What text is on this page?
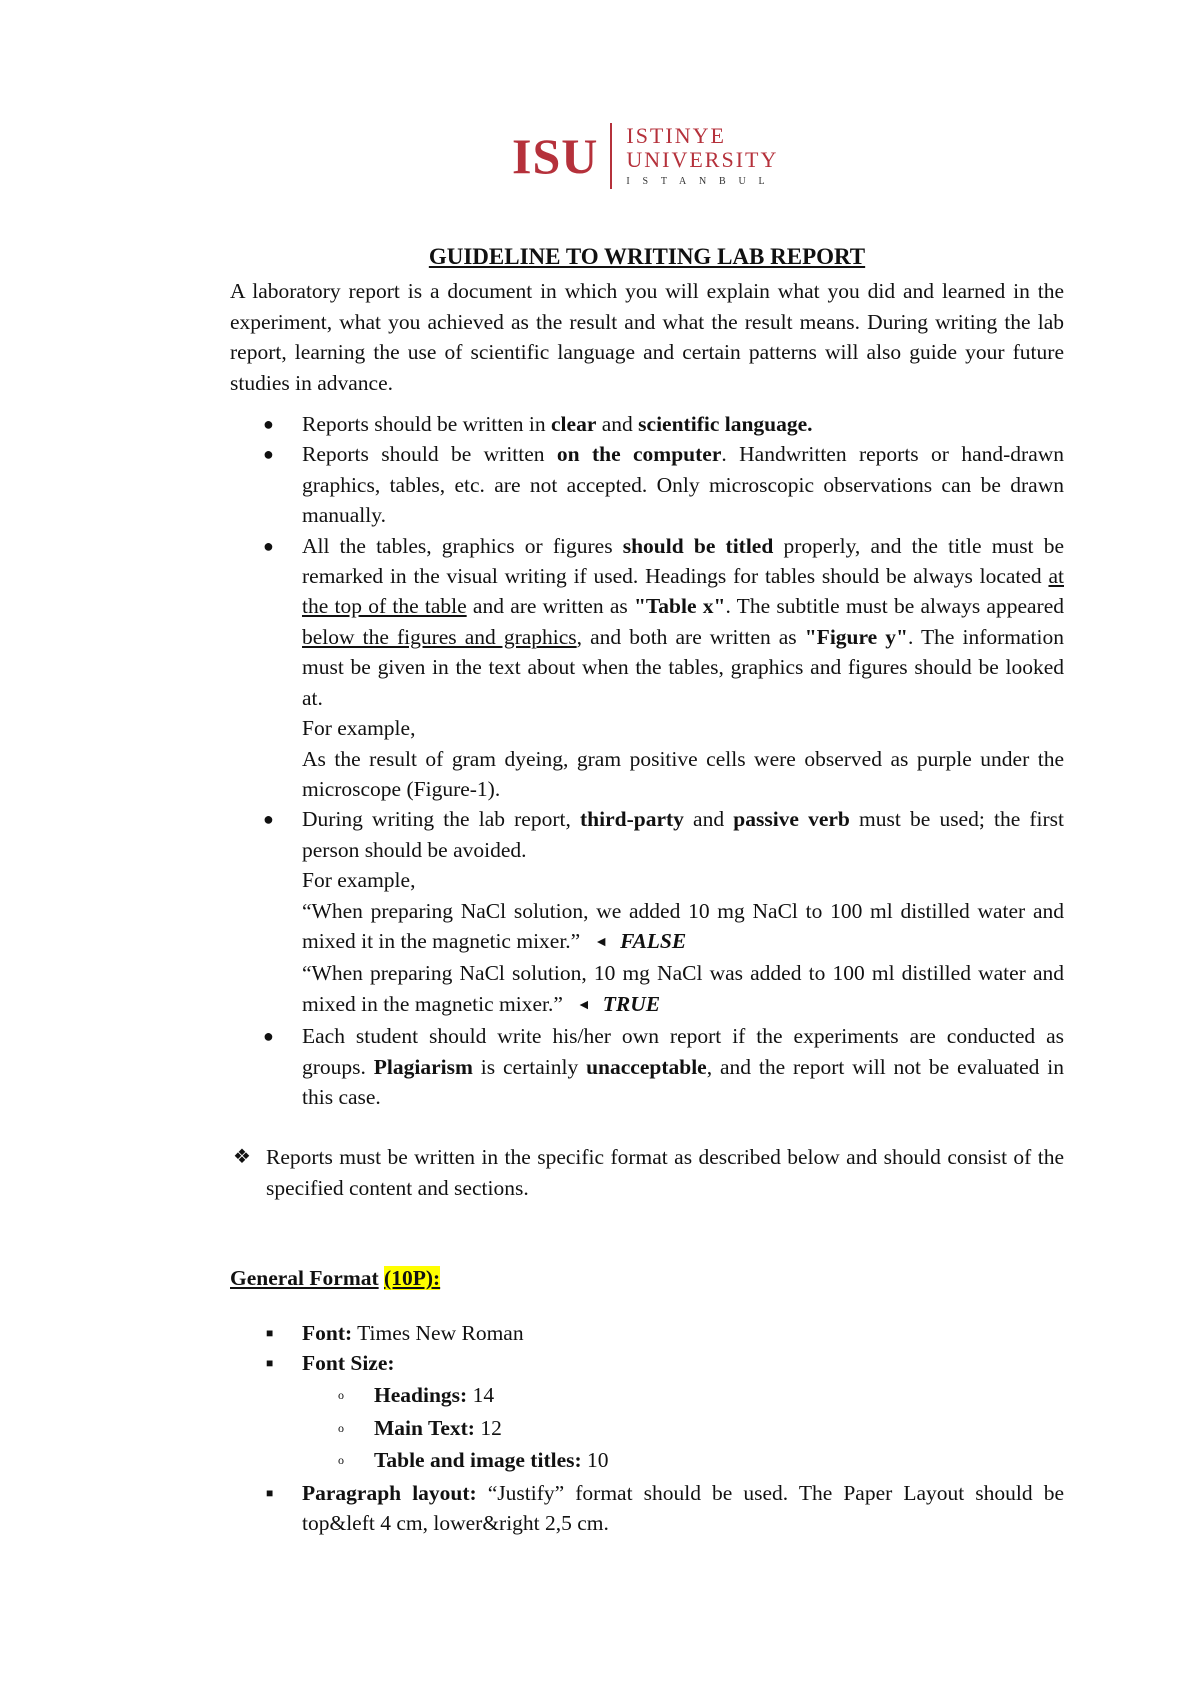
ISU ISTINYE
UNIVERSITY
ISTANBUL
GUIDELINE TO WRITING LAB REPORT

A laboratory report is a document in which you will explain what you did and learned in the experiment, what you achieved as the result and what the result means. During writing the lab report, learning the use of scientific language and certain patterns will also guide your future studies in advance.

● Reports should be written in clear and scientific language.
● Reports should be written on the computer. Handwritten reports or hand-drawn graphics, tables, etc. are not accepted. Only microscopic observations can be drawn manually.
● All the tables, graphics or figures should be titled properly, and the title must be remarked in the visual writing if used. Headings for tables should be always located at the top of the table and are written as "Table x". The subtitle must be always appeared below the figures and graphics, and both are written as "Figure y". The information must be given in the text about when the tables, graphics and figures should be looked at.
For example,
As the result of gram dyeing, gram positive cells were observed as purple under the microscope (Figure-1).
● During writing the lab report, third-party and passive verb must be used; the first person should be avoided.
For example,
“When preparing NaCl solution, we added 10 mg NaCl to 100 ml distilled water and mixed it in the magnetic mixer.” ◄ FALSE
“When preparing NaCl solution, 10 mg NaCl was added to 100 ml distilled water and mixed in the magnetic mixer.” ◄ TRUE
● Each student should write his/her own report if the experiments are conducted as groups. Plagiarism is certainly unacceptable, and the report will not be evaluated in this case.
❖ Reports must be written in the specific format as described below and should consist of the specified content and sections.
General Format (10P):
■ Font: Times New Roman
■ Font Size:
o Headings: 14
o Main Text: 12
o Table and image titles: 10
■ Paragraph layout: “Justify” format should be used. The Paper Layout should be top&left 4 cm, lower&right 2,5 cm.
